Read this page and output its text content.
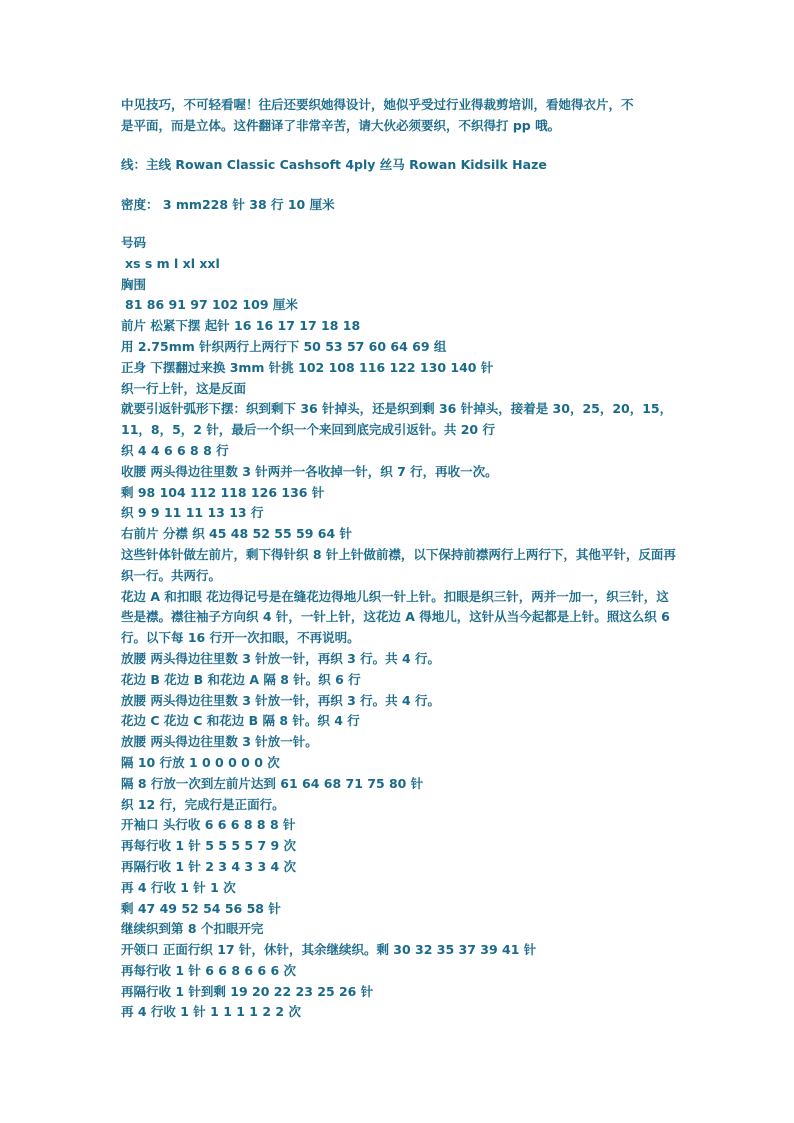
中见技巧，不可轻看喔！往后还要织她得设计，她似乎受过行业得裁剪培训，看她得衣片，不

是平面，而是立体。这件翻译了非常辛苦，请大伙必须要织，不织得打 pp 哦。

线：主线 Rowan Classic Cashsoft 4ply 丝马 Rowan Kidsilk Haze

密度： 3 mm228 针 38 行 10 厘米

号码

xs s m l xl xxl

胸围

81 86 91 97 102 109 厘米

前片 松紧下摆 起针 16 16 17 17 18 18

用 2.75mm 针织两行上两行下 50 53 57 60 64 69 组

正身 下摆翻过来换 3mm 针挑 102 108 116 122 130 140 针

织一行上针，这是反面

就要引返针弧形下摆：织到剩下 36 针掉头，还是织到剩 36 针掉头，接着是 30，25，20，15，11，8，5，2 针，最后一个织一个来回到底完成引返针。共 20 行

织 4 4 6 6 8 8 行

收腰 两头得边往里数 3 针两并一各收掉一针，织 7 行，再收一次。

剩 98 104 112 118 126 136 针

织 9 9 11 11 13 13 行

右前片 分襟 织 45 48 52 55 59 64 针

这些针体针做左前片，剩下得针织 8 针上针做前襟，以下保持前襟两行上两行下，其他平针，反面再织一行。共两行。

花边 A 和扣眼 花边得记号是在缝花边得地儿织一针上针。扣眼是织三针，两并一加一，织三针，这些是襟。襟往袖子方向织 4 针，一针上针，这花边 A 得地儿，这针从当今起都是上针。照这么织 6 行。以下每 16 行开一次扣眼，不再说明。

放腰 两头得边往里数 3 针放一针，再织 3 行。共 4 行。

花边 B 花边 B 和花边 A 隔 8 针。织 6 行

放腰 两头得边往里数 3 针放一针，再织 3 行。共 4 行。

花边 C 花边 C 和花边 B 隔 8 针。织 4 行

放腰 两头得边往里数 3 针放一针。

隔 10 行放 1 0 0 0 0 0 次

隔 8 行放一次到左前片达到 61 64 68 71 75 80 针

织 12 行，完成行是正面行。

开袖口 头行收 6 6 6 8 8 8 针

再每行收 1 针 5 5 5 5 7 9 次

再隔行收 1 针 2 3 4 3 3 4 次

再 4 行收 1 针 1 次

剩 47 49 52 54 56 58 针

继续织到第 8 个扣眼开完

开领口 正面行织 17 针，休针，其余继续织。剩 30 32 35 37 39 41 针

再每行收 1 针 6 6 8 6 6 6 次

再隔行收 1 针到剩 19 20 22 23 25 26 针

再 4 行收 1 针 1 1 1 1 2 2 次
